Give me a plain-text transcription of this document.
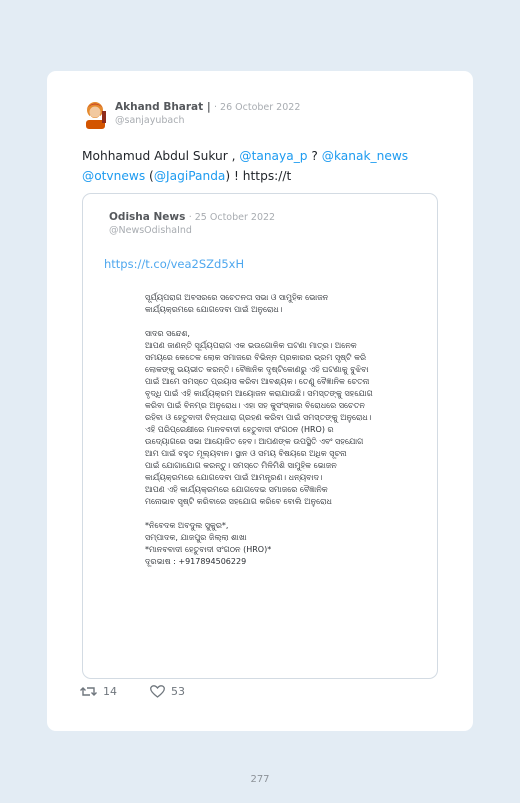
Akhand Bharat | · 26 October 2022
@sanjayubach
Mohhamud Abdul Sukur , @tanaya_p ? @kanak_news @otvnews (@JagiPanda) ! https://t
Odisha News · 25 October 2022
@NewsOdishaInd
https://t.co/vea2SZd5xH

ସୂର୍ଯ୍ୟପରାଗ ଅବସରରେ ସଚେତନତା ସଭା ଓ ସାମୁହିକ ଭୋଜନ
କାର୍ଯ୍ୟକ୍ରମରେ ଯୋଗଦେବା ପାଇଁ ଅନୁରୋଧ।

ସାଦର ସନ୍ଦେଶ,
ଆପଣ ଜାଣନ୍ତି ସୂର୍ଯ୍ୟପରାଗ ଏକ ଭଉଗୋଳିକ ଘଟଣା ମାତ୍ର। ଅନେକ
ସମୟରେ କେତେକ ଲୋକ ସମାଜରେ ବିଭିନ୍ନ ପ୍ରକାରର ଭ୍ରମ ସୃଷ୍ଟି କରି
ଲୋକଙ୍କୁ ଭୟଭୀତ କରନ୍ତି। ବୈଜ୍ଞାନିକ ଦୃଷ୍ଟିକୋଣରୁ ଏହି ଘଟଣାକୁ ବୁଝିବା
ପାଇଁ ଆମେ ସମସ୍ତେ ପ୍ରୟାସ କରିବା ଆବଶ୍ୟକ। ତେଣୁ ବୈଜ୍ଞାନିକ ଚେତନା
ବୃଦ୍ଧି ପାଇଁ ଏହି କାର୍ଯ୍ୟକ୍ରମ ଆୟୋଜନ କରାଯାଉଛି। ସମସ୍ତଙ୍କୁ ସହଯୋଗ
କରିବା ପାଇଁ ବିନମ୍ର ଅନୁରୋଧ। ଏହା ସହ କୁସଂସ୍କାର ବିରୋଧରେ ସଚେତନ
ରହିବା ଓ ହେତୁବାଦୀ ଚିନ୍ତାଧାରା ଗ୍ରହଣ କରିବା ପାଇଁ ସମସ୍ତଙ୍କୁ ଅନୁରୋଧ।
ଏହି ପରିପ୍ରେକ୍ଷୀରେ ମାନବବାଦୀ ହେତୁବାଦୀ ସଂଗଠନ (HRO) ର
ଉଦ୍ୟୋଗରେ ସଭା ଆୟୋଜିତ ହେବ। ଆପଣଙ୍କ ଉପସ୍ଥିତି ଏବଂ ସହଯୋଗ
ଆମ ପାଇଁ ବହୁତ ମୂଲ୍ୟବାନ। ସ୍ଥାନ ଓ ସମୟ ବିଷୟରେ ଅଧିକ ସୂଚନା
ପାଇଁ ଯୋଗାଯୋଗ କରନ୍ତୁ। ସମସ୍ତେ ମିଳିମିଶି ସାମୁହିକ ଭୋଜନ
କାର୍ଯ୍ୟକ୍ରମରେ ଯୋଗଦେବା ପାଇଁ ଆମନ୍ତ୍ରଣ। ଧନ୍ୟବାଦ।
ଆପଣ ଏହି କାର୍ଯ୍ୟକ୍ରମରେ ଯୋଗଦେଇ ସମାଜରେ ବୈଜ୍ଞାନିକ
ମନୋଭାବ ସୃଷ୍ଟି କରିବାରେ ସହଯୋଗ କରିବେ ବୋଲି ଅନୁରୋଧ

*ନିବେଦକ ଅବଦୁଲ ସୁକୁର*,
ସମ୍ପାଦକ, ଯାଜପୁର ଜିଲ୍ଲା ଶାଖା
*ମାନବବାଦୀ ହେତୁବାଦୀ ସଂଗଠନ (HRO)*
ଦୂରଭାଷ : +917894506229

14	53
277
